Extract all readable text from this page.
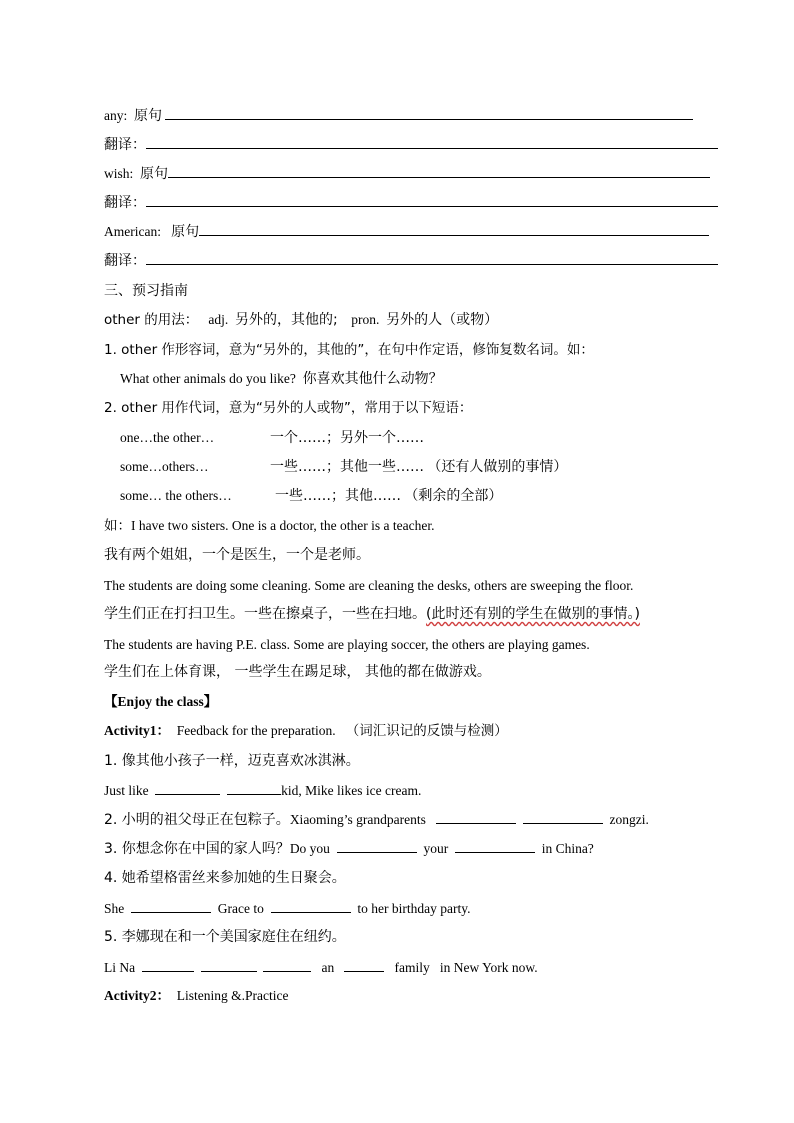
any: 原句
翻译：
wish: 原句
翻译：
American: 原句
翻译：
三、预习指南
other 的用法： adj. 另外的，其他的; pron. 另外的人（或物）
1. other 作形容词，意为“另外的，其他的”，在句中作定语，修饰复数名词。如：
What other animals do you like? 你喜欢其他什么动物？
2. other 用作代词，意为“另外的人或物”，常用于以下短语：
one…the other…	一个……；另外一个……
some…others…	一些……；其他一些…… （还有人做别的事情）
some… the others…	一些……；其他…… （剩余的全部）
如：I have two sisters. One is a doctor, the other is a teacher.
我有两个姐姐，一个是医生，一个是老师。
The students are doing some cleaning. Some are cleaning the desks, others are sweeping the floor.
学生们正在打扫卫生。一些在擦桌子，一些在扫地。(此时还有别的学生在做别的事情。)
The students are having P.E. class. Some are playing soccer, the others are playing games.
学生们在上体育课， 一些学生在踢足球， 其他的都在做游戏。
【Enjoy the class】
Activity1： Feedback for the preparation. （词汇识记的反馈与检测）
1. 像其他小孩子一样，迈克喜欢冰淇淋。
Just like	kid, Mike likes ice cream.
2. 小明的祖父母正在包粽子。Xiaoming’s grandparents	zongzi.
3. 你想念你在中国的家人吗？Do you	your	in China?
4. 她希望格雷丝来参加她的生日聚会。
She	Grace to	to her birthday party.
5. 李娜现在和一个美国家庭住在纽约。
Li Na	an	family in New York now.
Activity2： Listening &.Practice
